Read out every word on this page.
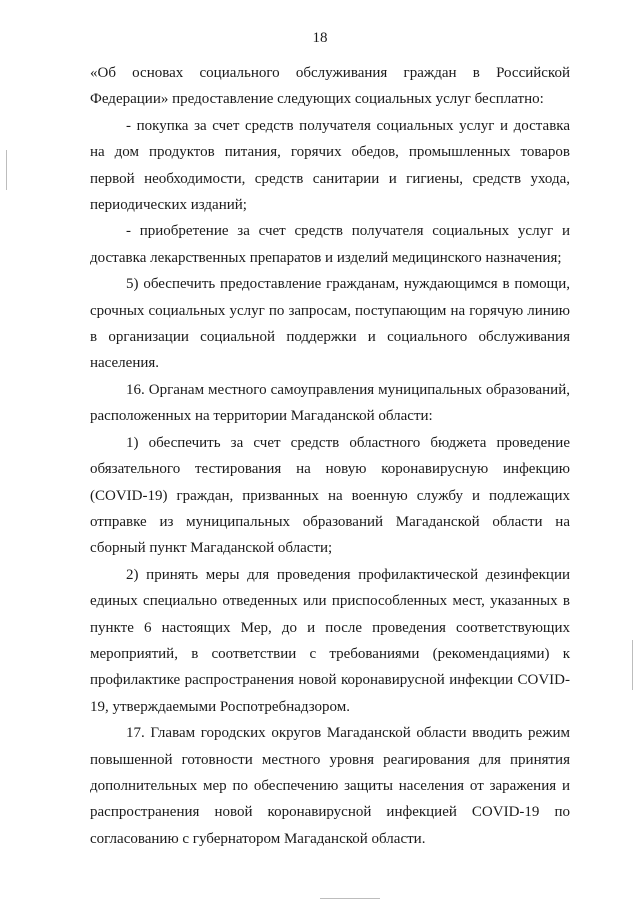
18

«Об основах социального обслуживания граждан в Российской Федерации» предоставление следующих социальных услуг бесплатно:

- покупка за счет средств получателя социальных услуг и доставка на дом продуктов питания, горячих обедов, промышленных товаров первой необходимости, средств санитарии и гигиены, средств ухода, периодических изданий;

- приобретение за счет средств получателя социальных услуг и доставка лекарственных препаратов и изделий медицинского назначения;

5) обеспечить предоставление гражданам, нуждающимся в помощи, срочных социальных услуг по запросам, поступающим на горячую линию в организации социальной поддержки и социального обслуживания населения.

16. Органам местного самоуправления муниципальных образований, расположенных на территории Магаданской области:

1) обеспечить за счет средств областного бюджета проведение обязательного тестирования на новую коронавирусную инфекцию (COVID-19) граждан, призванных на военную службу и подлежащих отправке из муниципальных образований Магаданской области на сборный пункт Магаданской области;

2) принять меры для проведения профилактической дезинфекции единых специально отведенных или приспособленных мест, указанных в пункте 6 настоящих Мер, до и после проведения соответствующих мероприятий, в соответствии с требованиями (рекомендациями) к профилактике распространения новой коронавирусной инфекции COVID-19, утверждаемыми Роспотребнадзором.

17. Главам городских округов Магаданской области вводить режим повышенной готовности местного уровня реагирования для принятия дополнительных мер по обеспечению защиты населения от заражения и распространения новой коронавирусной инфекцией COVID-19 по согласованию с губернатором Магаданской области.
